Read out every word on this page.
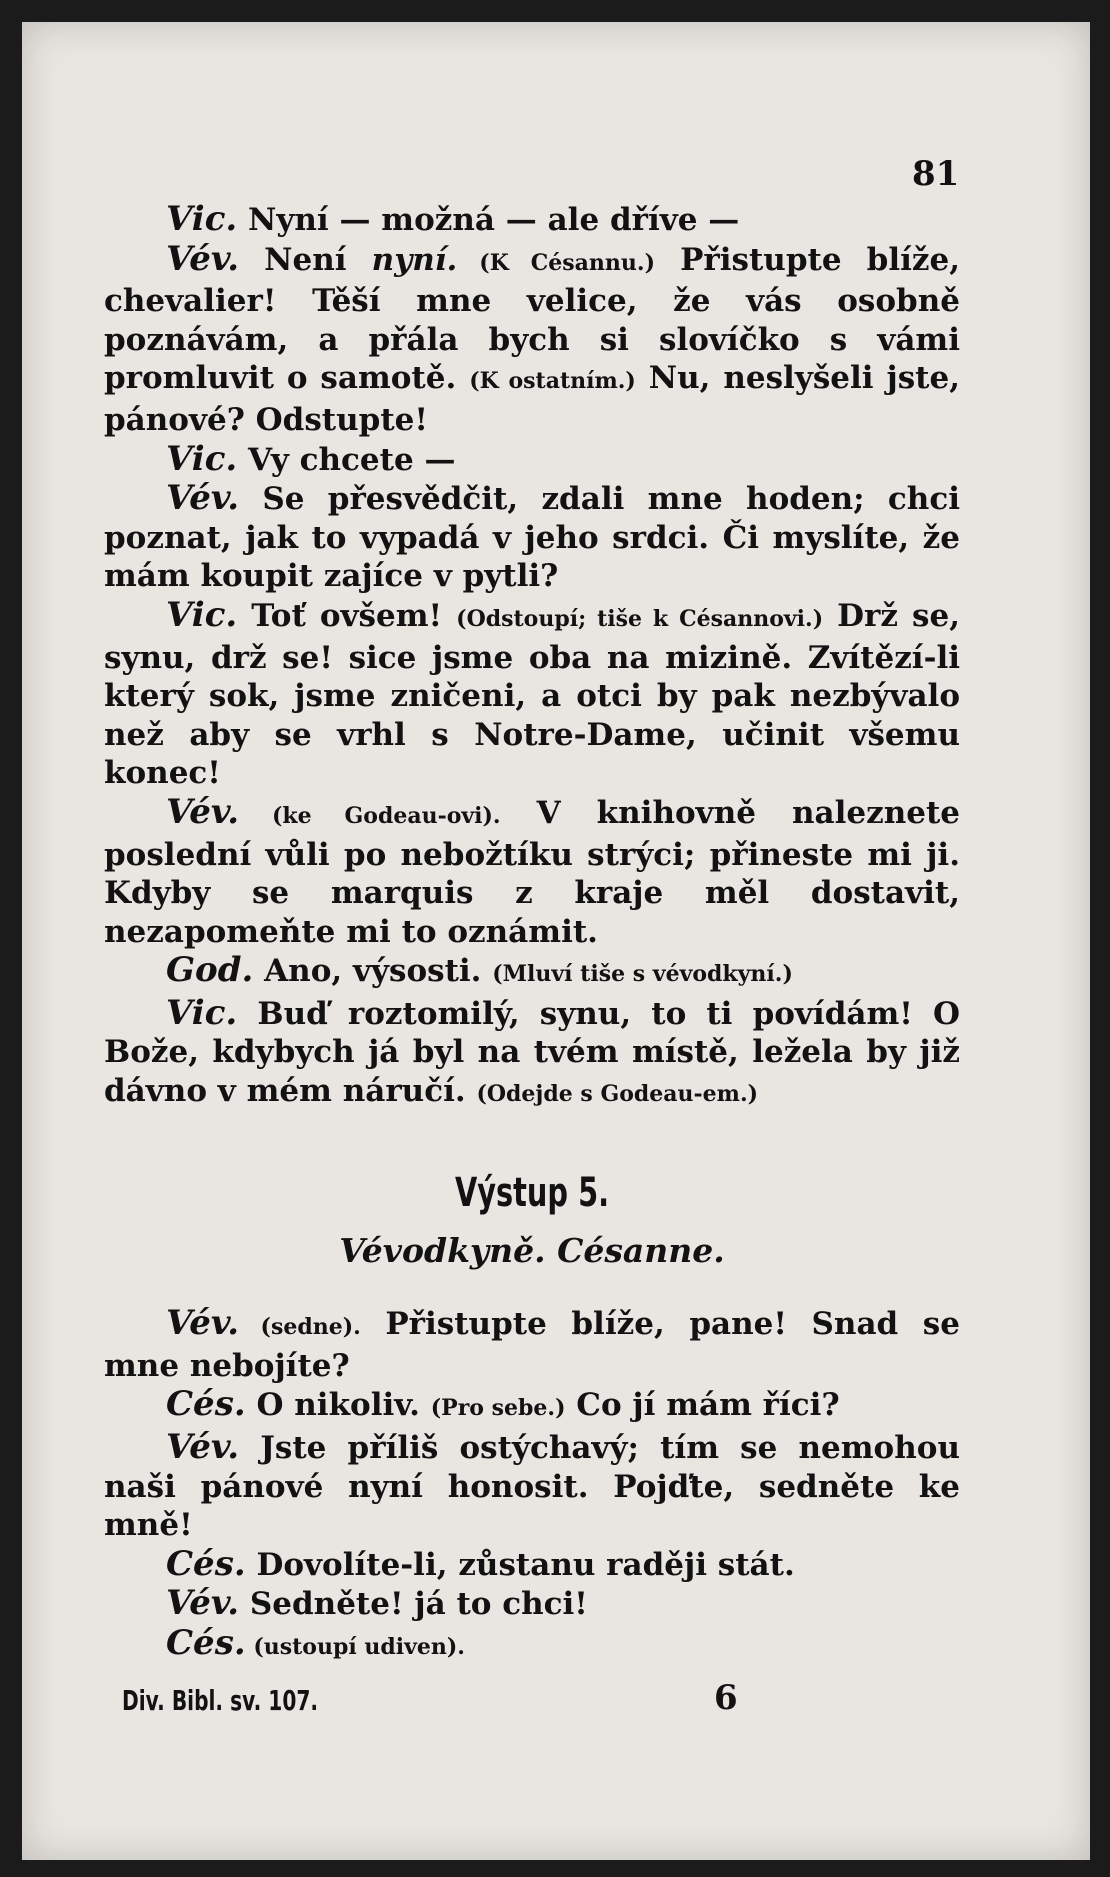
81

Vic. Nyní — možná — ale dříve —

Vév. Není nyní. (K Césannu.) Přistupte blíže, chevalier! Těší mne velice, že vás osobně poznávám, a přála bych si slovíčko s vámi promluvit o samotě. (K ostatním.) Nu, neslyšeli jste, pánové? Odstupte!

Vic. Vy chcete —

Vév. Se přesvědčit, zdali mne hoden; chci poznat, jak to vypadá v jeho srdci. Či myslíte, že mám koupit zajíce v pytli?

Vic. Toť ovšem! (Odstoupí; tiše k Césannovi.) Drž se, synu, drž se! sice jsme oba na mizině. Zvítězí-li který sok, jsme zničeni, a otci by pak nezbývalo než aby se vrhl s Notre-Dame, učinit všemu konec!

Vév. (ke Godeau-ovi). V knihovně naleznete poslední vůli po nebožtíku strýci; přineste mi ji. Kdyby se marquis z kraje měl dostavit, nezapomeňte mi to oznámit.

God. Ano, výsosti. (Mluví tiše s vévodkyní.)

Vic. Buď roztomilý, synu, to ti povídám! O Bože, kdybych já byl na tvém místě, ležela by již dávno v mém náručí. (Odejde s Godeau-em.)

Výstup 5.
Vévodkyně. Césanne.

Vév. (sedne). Přistupte blíže, pane! Snad se mne nebojíte?

Cés. O nikoliv. (Pro sebe.) Co jí mám říci?

Vév. Jste příliš ostýchavý; tím se nemohou naši pánové nyní honosit. Pojďte, sedněte ke mně!

Cés. Dovolíte-li, zůstanu raději stát.

Vév. Sedněte! já to chci!

Cés. (ustoupí udiven).

Div. Bibl. sv. 107.	6
